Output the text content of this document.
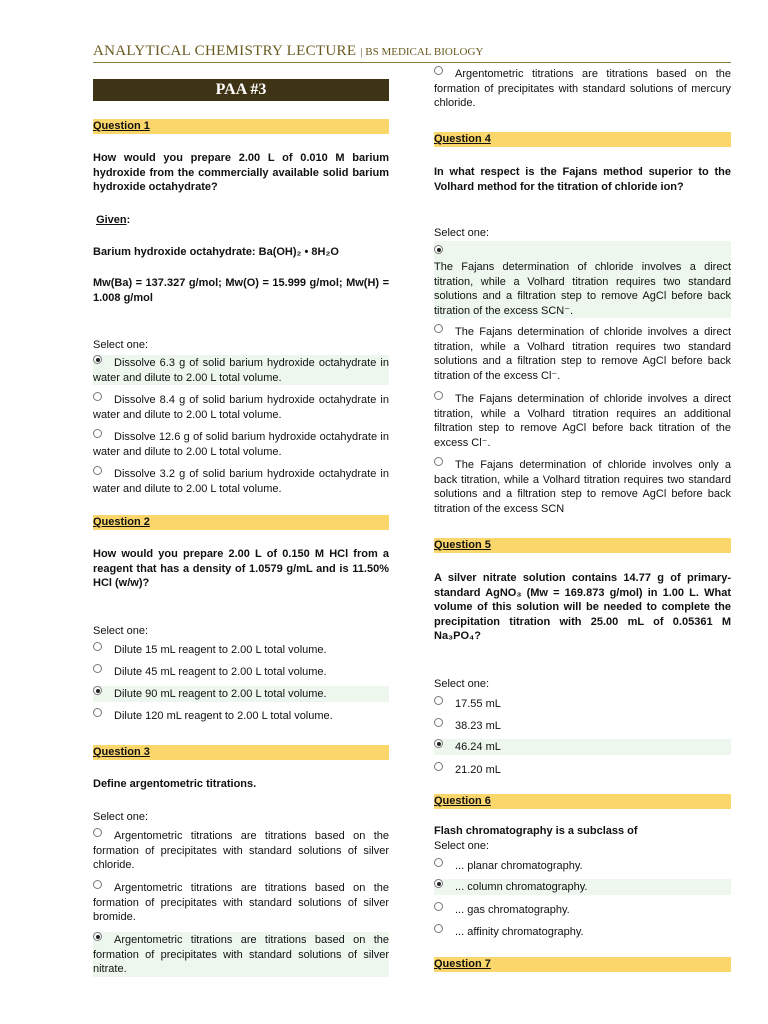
ANALYTICAL CHEMISTRY LECTURE | BS MEDICAL BIOLOGY
PAA #3
Question 1
How would you prepare 2.00 L of 0.010 M barium hydroxide from the commercially available solid barium hydroxide octahydrate?
Given:
Barium hydroxide octahydrate: Ba(OH)₂ • 8H₂O
Mw(Ba) = 137.327 g/mol; Mw(O) = 15.999 g/mol; Mw(H) = 1.008 g/mol
Select one:
Dissolve 6.3 g of solid barium hydroxide octahydrate in water and dilute to 2.00 L total volume.
Dissolve 8.4 g of solid barium hydroxide octahydrate in water and dilute to 2.00 L total volume.
Dissolve 12.6 g of solid barium hydroxide octahydrate in water and dilute to 2.00 L total volume.
Dissolve 3.2 g of solid barium hydroxide octahydrate in water and dilute to 2.00 L total volume.
Question 2
How would you prepare 2.00 L of 0.150 M HCl from a reagent that has a density of 1.0579 g/mL and is 11.50% HCl (w/w)?
Select one:
Dilute 15 mL reagent to 2.00 L total volume.
Dilute 45 mL reagent to 2.00 L total volume.
Dilute 90 mL reagent to 2.00 L total volume.
Dilute 120 mL reagent to 2.00 L total volume.
Question 3
Define argentometric titrations.
Select one:
Argentometric titrations are titrations based on the formation of precipitates with standard solutions of silver chloride.
Argentometric titrations are titrations based on the formation of precipitates with standard solutions of silver bromide.
Argentometric titrations are titrations based on the formation of precipitates with standard solutions of silver nitrate.
Argentometric titrations are titrations based on the formation of precipitates with standard solutions of mercury chloride.
Question 4
In what respect is the Fajans method superior to the Volhard method for the titration of chloride ion?
Select one:
The Fajans determination of chloride involves a direct titration, while a Volhard titration requires two standard solutions and a filtration step to remove AgCl before back titration of the excess SCN⁻.
The Fajans determination of chloride involves a direct titration, while a Volhard titration requires two standard solutions and a filtration step to remove AgCl before back titration of the excess Cl⁻.
The Fajans determination of chloride involves a direct titration, while a Volhard titration requires an additional filtration step to remove AgCl before back titration of the excess Cl⁻.
The Fajans determination of chloride involves only a back titration, while a Volhard titration requires two standard solutions and a filtration step to remove AgCl before back titration of the excess SCN
Question 5
A silver nitrate solution contains 14.77 g of primary-standard AgNO₃ (Mw = 169.873 g/mol) in 1.00 L. What volume of this solution will be needed to complete the precipitation titration with 25.00 mL of 0.05361 M Na₃PO₄?
Select one:
17.55 mL
38.23 mL
46.24 mL
21.20 mL
Question 6
Flash chromatography is a subclass of
Select one:
... planar chromatography.
... column chromatography.
... gas chromatography.
... affinity chromatography.
Question 7
